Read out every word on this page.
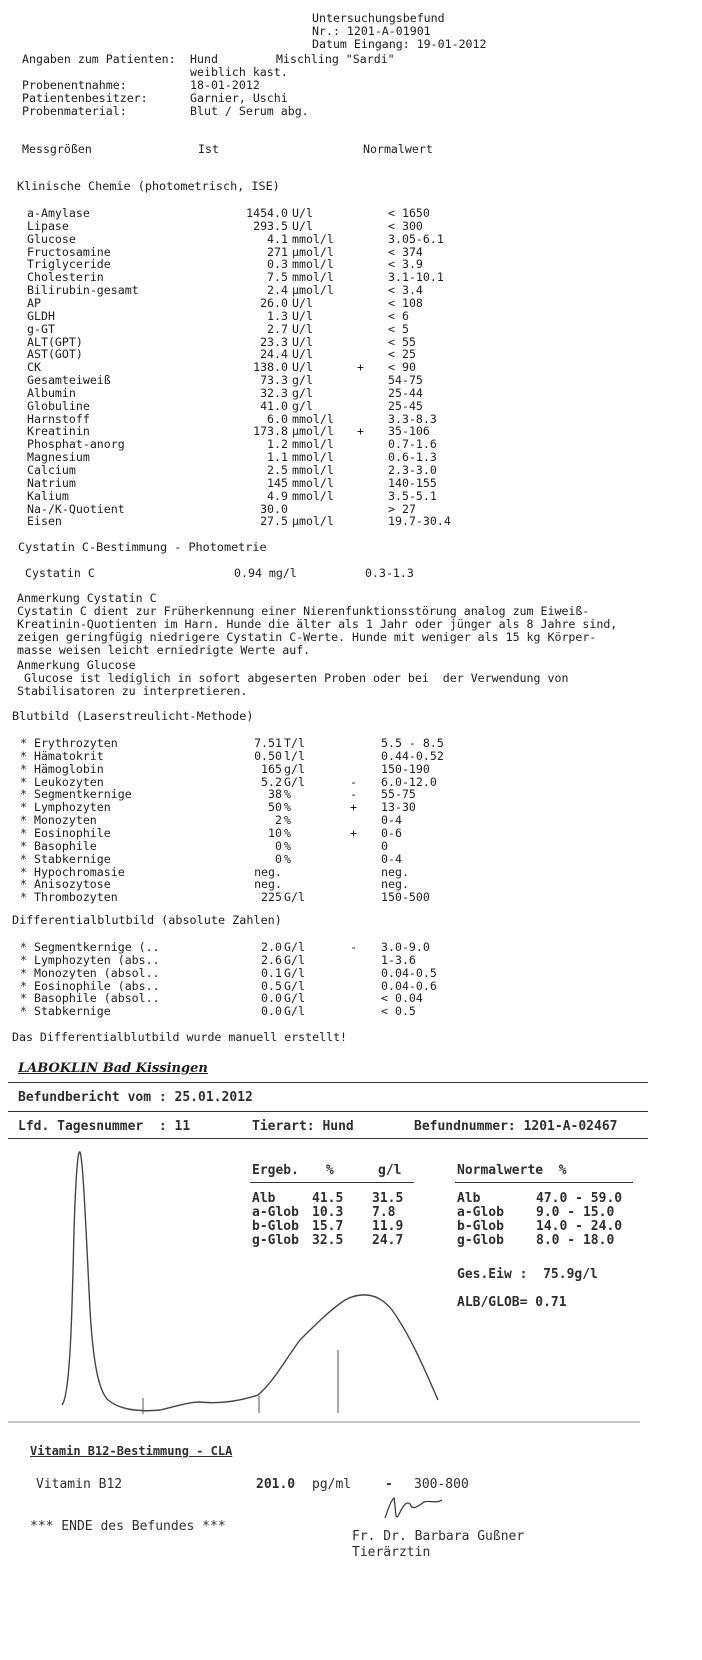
Untersuchungsbefund
Nr.: 1201-A-01901
Datum Eingang: 19-01-2012
Angaben zum Patienten: Hund	Mischling "Sardi"
weiblich kast.
Probenentnahme:	18-01-2012
Patientenbesitzer:	Garnier, Uschi
Probenmaterial:	Blut / Serum abg.
Messgrößen	Ist	Normalwert
Klinische Chemie (photometrisch, ISE)
a-Amylase	1454.0 U/l	< 1650
Lipase	293.5 U/l	< 300
Glucose	4.1 mmol/l	3.05-6.1
Fructosamine	271 µmol/l	< 374
Triglyceride	0.3 mmol/l	< 3.9
Cholesterin	7.5 mmol/l	3.1-10.1
Bilirubin-gesamt	2.4 µmol/l	< 3.4
AP	26.0 U/l	< 108
GLDH	1.3 U/l	< 6
g-GT	2.7 U/l	< 5
ALT(GPT)	23.3 U/l	< 55
AST(GOT)	24.4 U/l	< 25
CK	138.0 U/l	+ < 90
Gesamteiweiß	73.3 g/l	54-75
Albumin	32.3 g/l	25-44
Globuline	41.0 g/l	25-45
Harnstoff	6.0 mmol/l	3.3-8.3
Kreatinin	173.8 µmol/l + 35-106
Phosphat-anorg	1.2 mmol/l	0.7-1.6
Magnesium	1.1 mmol/l	0.6-1.3
Calcium	2.5 mmol/l	2.3-3.0
Natrium	145 mmol/l	140-155
Kalium	4.9 mmol/l	3.5-5.1
Na-/K-Quotient	30.0	> 27
Eisen	27.5 µmol/l	19.7-30.4
Cystatin C-Bestimmung - Photometrie
Cystatin C	0.94 mg/l	0.3-1.3
Anmerkung Cystatin C
Cystatin C dient zur Früherkennung einer Nierenfunktionsstörung analog zum Eiweiß-
Kreatinin-Quotienten im Harn. Hunde die älter als 1 Jahr oder jünger als 8 Jahre sind,
zeigen geringfügig niedrigere Cystatin C-Werte. Hunde mit weniger als 15 kg Körper-
masse weisen leicht erniedrigte Werte auf.
Anmerkung Glucose
Glucose ist lediglich in sofort abgeserten Proben oder bei  der Verwendung von
Stabilisatoren zu interpretieren.
Blutbild (Laserstreulicht-Methode)
* Erythrozyten	7.51 T/l	5.5 - 8.5
* Hämatokrit	0.50 l/l	0.44-0.52
* Hämoglobin	165 g/l	150-190
* Leukozyten	5.2 G/l	- 6.0-12.0
* Segmentkernige	38 %	- 55-75
* Lymphozyten	50 %	+ 13-30
* Monozyten	2 %	0-4
* Eosinophile	10 %	+ 0-6
* Basophile	0 %	0
* Stabkernige	0 %	0-4
* Hypochromasie	neg.	neg.
* Anisozytose	neg.	neg.
* Thrombozyten	225 G/l	150-500
Differentialblutbild (absolute Zahlen)
* Segmentkernige (..	2.0 G/l	- 3.0-9.0
* Lymphozyten (abs..	2.6 G/l	1-3.6
* Monozyten (absol..	0.1 G/l	0.04-0.5
* Eosinophile (abs..	0.5 G/l	0.04-0.6
* Basophile (absol..	0.0 G/l	< 0.04
* Stabkernige	0.0 G/l	< 0.5
Das Differentialblutbild wurde manuell erstellt!
LABOKLIN Bad Kissingen
Befundbericht vom : 25.01.2012
Lfd. Tagesnummer  : 11	Tierart: Hund	Befundnummer: 1201-A-02467
Ergeb. %	g/l	Normalwerte  %
Alb	41.5 31.5	Alb	47.0 - 59.0
a-Glob 10.3 7.8	a-Glob 9.0 - 15.0
b-Glob 15.7 11.9	b-Glob 14.0 - 24.0
g-Glob 32.5 24.7	g-Glob 8.0 - 18.0
Ges.Eiw :  75.9g/l
ALB/GLOB= 0.71
Vitamin B12-Bestimmung - CLA
Vitamin B12	201.0 pg/ml	- 300-800
*** ENDE des Befundes ***
Fr. Dr. Barbara Gußner
Tierärztin
